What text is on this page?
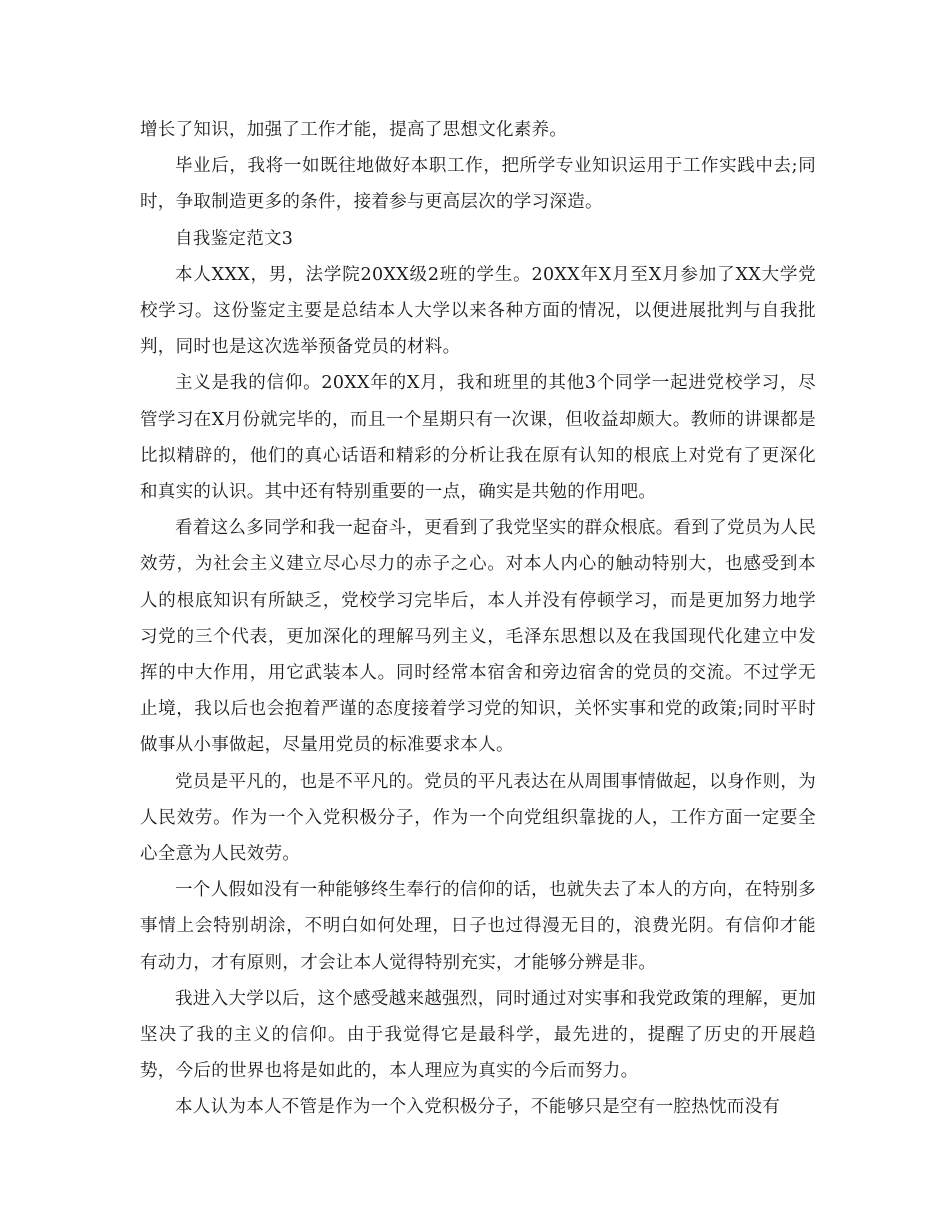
增长了知识，加强了工作才能，提高了思想文化素养。

毕业后，我将一如既往地做好本职工作，把所学专业知识运用于工作实践中去;同时，争取制造更多的条件，接着参与更高层次的学习深造。

自我鉴定范文3

本人XXX，男，法学院20XX级2班的学生。20XX年X月至X月参加了XX大学党校学习。这份鉴定主要是总结本人大学以来各种方面的情况，以便进展批判与自我批判，同时也是这次选举预备党员的材料。

主义是我的信仰。20XX年的X月，我和班里的其他3个同学一起进党校学习，尽管学习在X月份就完毕的，而且一个星期只有一次课，但收益却颇大。教师的讲课都是比拟精辟的，他们的真心话语和精彩的分析让我在原有认知的根底上对党有了更深化和真实的认识。其中还有特别重要的一点，确实是共勉的作用吧。

看着这么多同学和我一起奋斗，更看到了我党坚实的群众根底。看到了党员为人民效劳，为社会主义建立尽心尽力的赤子之心。对本人内心的触动特别大，也感受到本人的根底知识有所缺乏，党校学习完毕后，本人并没有停顿学习，而是更加努力地学习党的三个代表，更加深化的理解马列主义，毛泽东思想以及在我国现代化建立中发挥的中大作用，用它武装本人。同时经常本宿舍和旁边宿舍的党员的交流。不过学无止境，我以后也会抱着严谨的态度接着学习党的知识，关怀实事和党的政策;同时平时做事从小事做起，尽量用党员的标准要求本人。

党员是平凡的，也是不平凡的。党员的平凡表达在从周围事情做起，以身作则，为人民效劳。作为一个入党积极分子，作为一个向党组织靠拢的人，工作方面一定要全心全意为人民效劳。

一个人假如没有一种能够终生奉行的信仰的话，也就失去了本人的方向，在特别多事情上会特别胡涂，不明白如何处理，日子也过得漫无目的，浪费光阴。有信仰才能有动力，才有原则，才会让本人觉得特别充实，才能够分辨是非。

我进入大学以后，这个感受越来越强烈，同时通过对实事和我党政策的理解，更加坚决了我的主义的信仰。由于我觉得它是最科学，最先进的，提醒了历史的开展趋势，今后的世界也将是如此的，本人理应为真实的今后而努力。

本人认为本人不管是作为一个入党积极分子，不能够只是空有一腔热忱而没有
